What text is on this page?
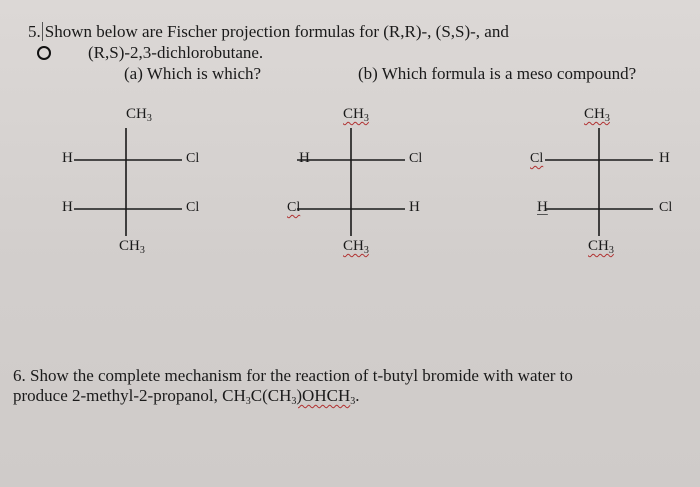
5. Shown below are Fischer projection formulas for (R,R)-, (S,S)-, and
(R,S)-2,3-dichlorobutane.
(a) Which is which?	(b) Which formula is a meso compound?
$CH_3$
H	Cl
H	Cl
$CH_3$
$CH_3$
H	Cl
Cl	H
$CH_3$
$CH_3$
Cl	H
H	Cl
$CH_3$
6. Show the complete mechanism for the reaction of t-butyl bromide with water to
produce 2-methyl-2-propanol, $CH_3C(CH_3)OHCH_3$.
